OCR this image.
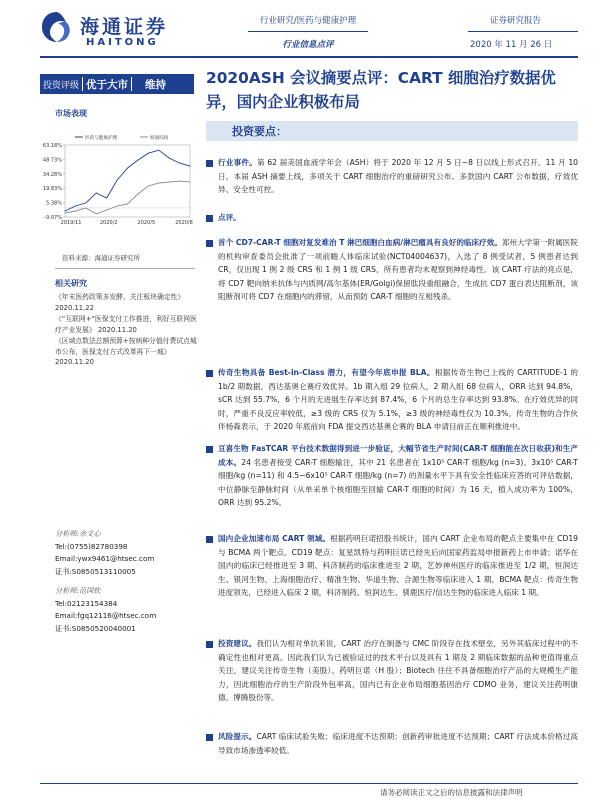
海通证券
HAITONG
行业研究/医药与健康护理
行业信息点评
证券研究报告
2020 年 11 月 26 日
投资评级 优于大市 维持
市场表现
63.18%
48.73%
34.28%
19.83%
5.38%
-9.07%
2019/11	2020/2	2020/5	2020/8
医药与健康护理	海通综指
资料来源：海通证券研究所
相关研究
《年末医药政策多发酵，关注板块确定性》 2020.11.22
《“互联网+”医保支付工作推进，利好互联网医疗产业发展》 2020.11.20
《区域点数法总额预算+按病种分值付费试点城市公布，医保支付方式改革再下一城》 2020.11.20
分析师:余文心
Tel:(0755)82780398
Email:ywx9461@htsec.com
证书:S0850513110005
分析师:范国钦
Tel:02123154384
Email:fgq12116@htsec.com
证书:S0850520040001
2020ASH 会议摘要点评：CART 细胞治疗数据优异，国内企业积极布局
投资要点：
行业事件。第 62 届美国血液学年会（ASH）将于 2020 年 12 月 5 日~8 日以线上形式召开。11 月 10 日，本届 ASH 摘要上线，多项关于 CART 细胞治疗的重磅研究公布。多款国内 CART 公布数据，疗效优异、安全性可控。
点评。
首个 CD7-CAR-T 细胞对复发难治 T 淋巴细胞白血病/淋巴瘤具有良好的临床疗效。郑州大学第一附属医院的机构审查委员会批准了一项前瞻人体临床试验(NCT04004637)，入选了 8 例受试者，5 例患者达到 CR，仅出现 1 例 2 级 CRS 和 1 例 1 级 CRS，所有患者均未观察到神经毒性。该 CART 疗法的亮点是，将 CD7 靶向纳米抗体与内质网/高尔基体(ER/Golgi)保留肽段重组融合，生成抗 CD7 蛋白表达阻断剂，该阻断剂可将 CD7 在细胞内的滞留，从而预防 CAR-T 细胞的互相残杀。
传奇生物具备 Best-in-Class 潜力，有望今年底申报 BLA。根据传奇生物已上线的 CARTITUDE-1 的 1b/2 期数据，西达基奥仑赛疗效优异。1b 期入组 29 位病人，2 期入组 68 位病人，ORR 达到 94.8%，sCR 达到 55.7%，6 个月的无进展生存率达到 87.4%，6 个月的总生存率达到 93.8%。在疗效优异的同时，严重不良反应率较低，≥3 级的 CRS 仅为 5.1%，≥3 级的神经毒性仅为 10.3%。传奇生物的合作伙伴杨森表示，于 2020 年底前向 FDA 提交西达基奥仑赛的 BLA 申请目前正在顺利推进中。
亘喜生物 FasTCAR 平台技术数据得到进一步验证，大幅节省生产时间(CAR-T 细胞能在次日收获)和生产成本。24 名患者接受 CAR-T 细胞输注，其中 21 名患者在 1x10⁵ CAR-T 细胞/kg (n=3)、3x10⁵ CAR-T 细胞/kg (n=11) 和 4.5~6x10⁵ CAR-T 细胞/kg (n=7) 的剂量水平下具有安全性临床应答的可评估数据，中位静脉至静脉时间（从单采单个核细胞至回输 CAR-T 细胞的时间）为 16 天，植入成功率为 100%，ORR 达到 95.2%。
国内企业加速布局 CART 领域。根据药明巨诺招股书统计，国内 CART 企业布局的靶点主要集中在 CD19 与 BCMA 两个靶点。CD19 靶点：复星凯特与药明巨诺已经先后向国家药监局申报新药上市申请；诺华在国内的临床已经推进至 3 期、科济制药的临床推进至 2 期，艺妙神州医疗的临床推进至 1/2 期，恒润达生、银河生物、上海细胞治疗、精准生物、华道生物、合源生物等临床进入 1 期。BCMA 靶点：传奇生物进度领先，已经进入临床 2 期，科济制药、恒润达生、驯鹿医疗/信达生物的临床进入临床 1 期。
投资建议。我们认为相对单抗来说，CART 治疗在制备与 CMC 阶段存在技术壁垒，另外其临床过程中的不确定性也相对更高。因此我们认为已被验证过的技术平台以及具有 1 期及 2 期临床数据的品种更值得重点关注，建议关注传奇生物（美股）、药明巨诺（H 股）；Biotech 往往不具备细胞治疗产品的大规模生产能力，因此细胞治疗的生产阶段外包率高，国内已有企业布局细胞基因治疗 CDMO 业务，建议关注药明康德、博腾股份等。
风险提示。CART 临床试验失败；临床进度不达预期；创新药审批进度不达预期；CART 疗法成本价格过高导致市场渗透率较低。
请务必阅读正文之后的信息披露和法律声明
